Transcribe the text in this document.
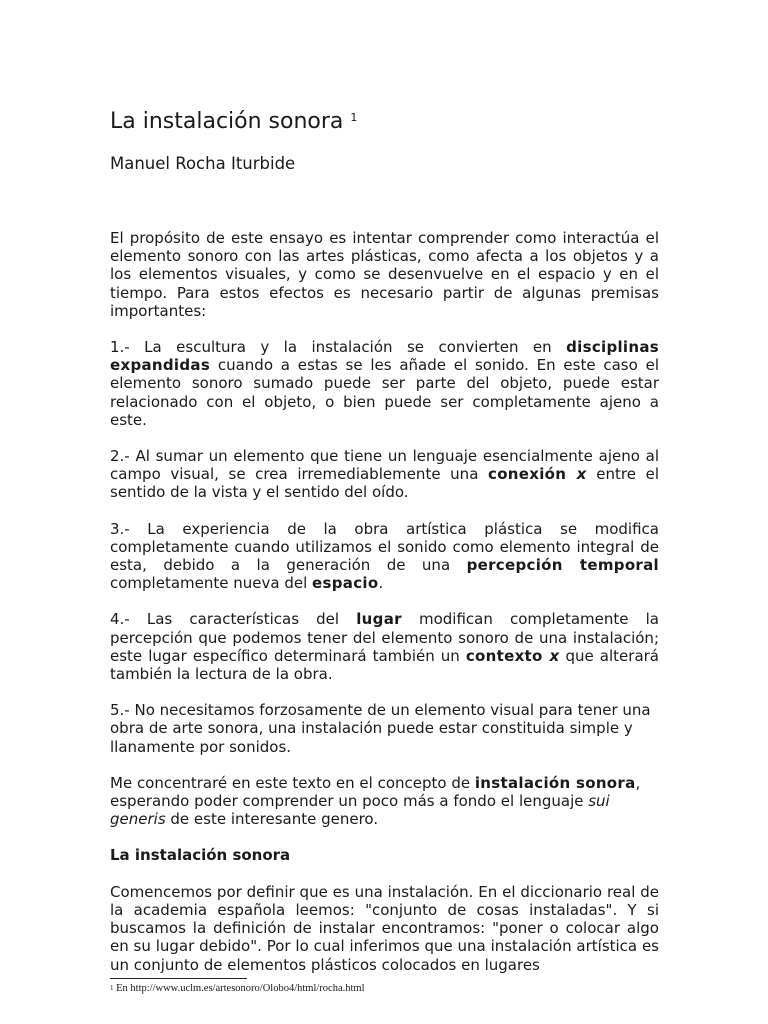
La instalación sonora $^1$
Manuel Rocha Iturbide

El propósito de este ensayo es intentar comprender como interactúa el elemento sonoro con las artes plásticas, como afecta a los objetos y a los elementos visuales, y como se desenvuelve en el espacio y en el tiempo. Para estos efectos es necesario partir de algunas premisas importantes:

1.- La escultura y la instalación se convierten en disciplinas expandidas cuando a estas se les añade el sonido. En este caso el elemento sonoro sumado puede ser parte del objeto, puede estar relacionado con el objeto, o bien puede ser completamente ajeno a este.

2.- Al sumar un elemento que tiene un lenguaje esencialmente ajeno al campo visual, se crea irremediablemente una conexión x entre el sentido de la vista y el sentido del oído.

3.- La experiencia de la obra artística plástica se modifica completamente cuando utilizamos el sonido como elemento integral de esta, debido a la generación de una percepción temporal completamente nueva del espacio.

4.- Las características del lugar modifican completamente la percepción que podemos tener del elemento sonoro de una instalación; este lugar específico determinará también un contexto x que alterará también la lectura de la obra.

5.- No necesitamos forzosamente de un elemento visual para tener una obra de arte sonora, una instalación puede estar constituida simple y llanamente por sonidos.

Me concentraré en este texto en el concepto de instalación sonora, esperando poder comprender un poco más a fondo el lenguaje sui generis de este interesante genero.

La instalación sonora

Comencemos por definir que es una instalación. En el diccionario real de la academia española leemos: "conjunto de cosas instaladas". Y si buscamos la definición de instalar encontramos: "poner o colocar algo en su lugar debido". Por lo cual inferimos que una instalación artística es un conjunto de elementos plásticos colocados en lugares

$^1$ En http://www.uclm.es/artesonoro/Olobo4/html/rocha.html
